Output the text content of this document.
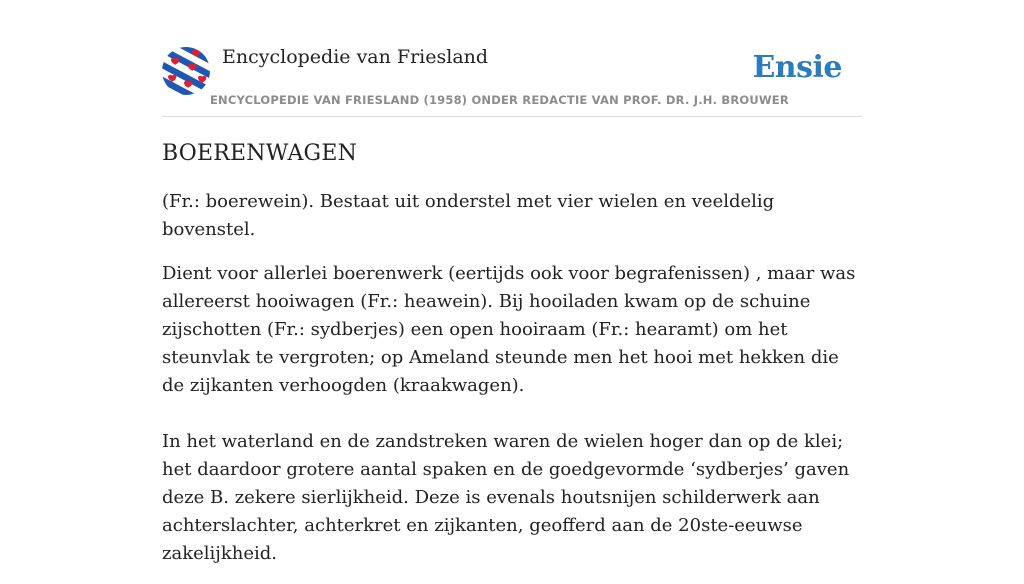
Encyclopedie van Friesland	Ensie
ENCYCLOPEDIE VAN FRIESLAND (1958) ONDER REDACTIE VAN PROF. DR. J.H. BROUWER
BOERENWAGEN

(Fr.: boerewein). Bestaat uit onderstel met vier wielen en veeldelig bovenstel.

Dient voor allerlei boerenwerk (eertijds ook voor begrafenissen) , maar was allereerst hooiwagen (Fr.: heawein). Bij hooiladen kwam op de schuine zijschotten (Fr.: sydberjes) een open hooiraam (Fr.: hearamt) om het steunvlak te vergroten; op Ameland steunde men het hooi met hekken die de zijkanten verhoogden (kraakwagen).

In het waterland en de zandstreken waren de wielen hoger dan op de klei; het daardoor grotere aantal spaken en de goedgevormde ‘sydberjes’ gaven deze B. zekere sierlijkheid. Deze is evenals houtsnijen schilderwerk aan achterslachter, achterkret en zijkanten, geofferd aan de 20ste-eeuwse zakelijkheid.
